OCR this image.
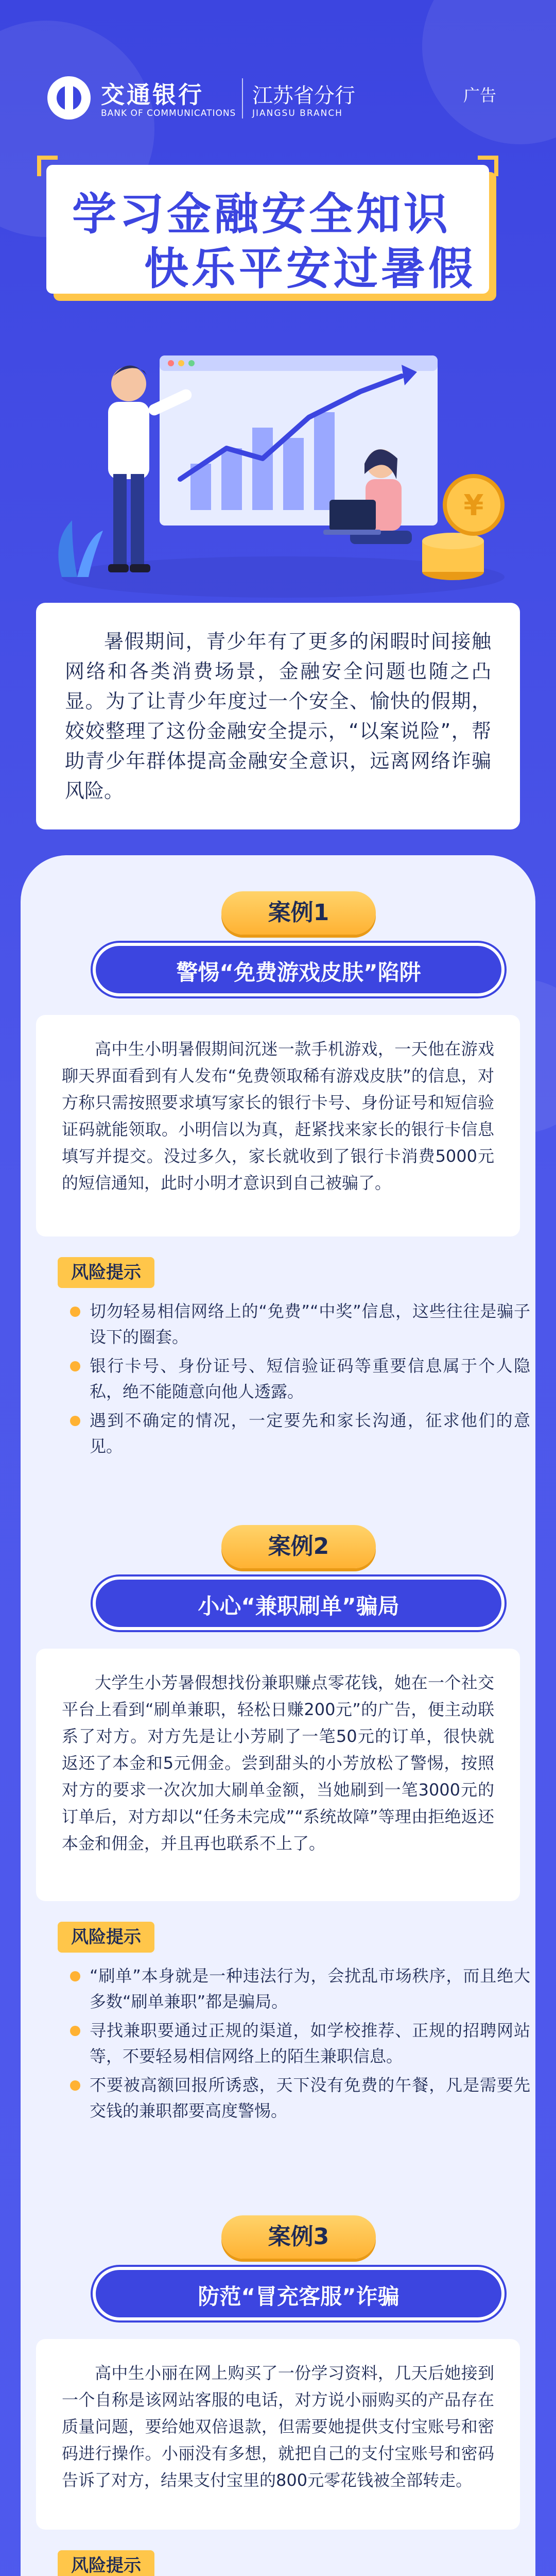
交通银行
BANK OF COMMUNICATIONS
江苏省分行
JIANGSU BRANCH
广告
学习金融安全知识
快乐平安过暑假
¥

暑假期间，青少年有了更多的闲暇时间接触网络和各类消费场景，金融安全问题也随之凸显。为了让青少年度过一个安全、愉快的假期，姣姣整理了这份金融安全提示，“以案说险”，帮助青少年群体提高金融安全意识，远离网络诈骗风险。

案例1
警惕“免费游戏皮肤”陷阱

高中生小明暑假期间沉迷一款手机游戏，一天他在游戏聊天界面看到有人发布“免费领取稀有游戏皮肤”的信息，对方称只需按照要求填写家长的银行卡号、身份证号和短信验证码就能领取。小明信以为真，赶紧找来家长的银行卡信息填写并提交。没过多久，家长就收到了银行卡消费5000元的短信通知，此时小明才意识到自己被骗了。

风险提示
切勿轻易相信网络上的“免费”“中奖”信息，这些往往是骗子设下的圈套。
银行卡号、身份证号、短信验证码等重要信息属于个人隐私，绝不能随意向他人透露。
遇到不确定的情况，一定要先和家长沟通，征求他们的意见。
案例2
小心“兼职刷单”骗局

大学生小芳暑假想找份兼职赚点零花钱，她在一个社交平台上看到“刷单兼职，轻松日赚200元”的广告，便主动联系了对方。对方先是让小芳刷了一笔50元的订单，很快就返还了本金和5元佣金。尝到甜头的小芳放松了警惕，按照对方的要求一次次加大刷单金额，当她刷到一笔3000元的订单后，对方却以“任务未完成”“系统故障”等理由拒绝返还本金和佣金，并且再也联系不上了。

风险提示
“刷单”本身就是一种违法行为，会扰乱市场秩序，而且绝大多数“刷单兼职”都是骗局。
寻找兼职要通过正规的渠道，如学校推荐、正规的招聘网站等，不要轻易相信网络上的陌生兼职信息。
不要被高额回报所诱惑，天下没有免费的午餐，凡是需要先交钱的兼职都要高度警惕。
案例3
防范“冒充客服”诈骗

高中生小丽在网上购买了一份学习资料，几天后她接到一个自称是该网站客服的电话，对方说小丽购买的产品存在质量问题，要给她双倍退款，但需要她提供支付宝账号和密码进行操作。小丽没有多想，就把自己的支付宝账号和密码告诉了对方，结果支付宝里的800元零花钱被全部转走。

风险提示
